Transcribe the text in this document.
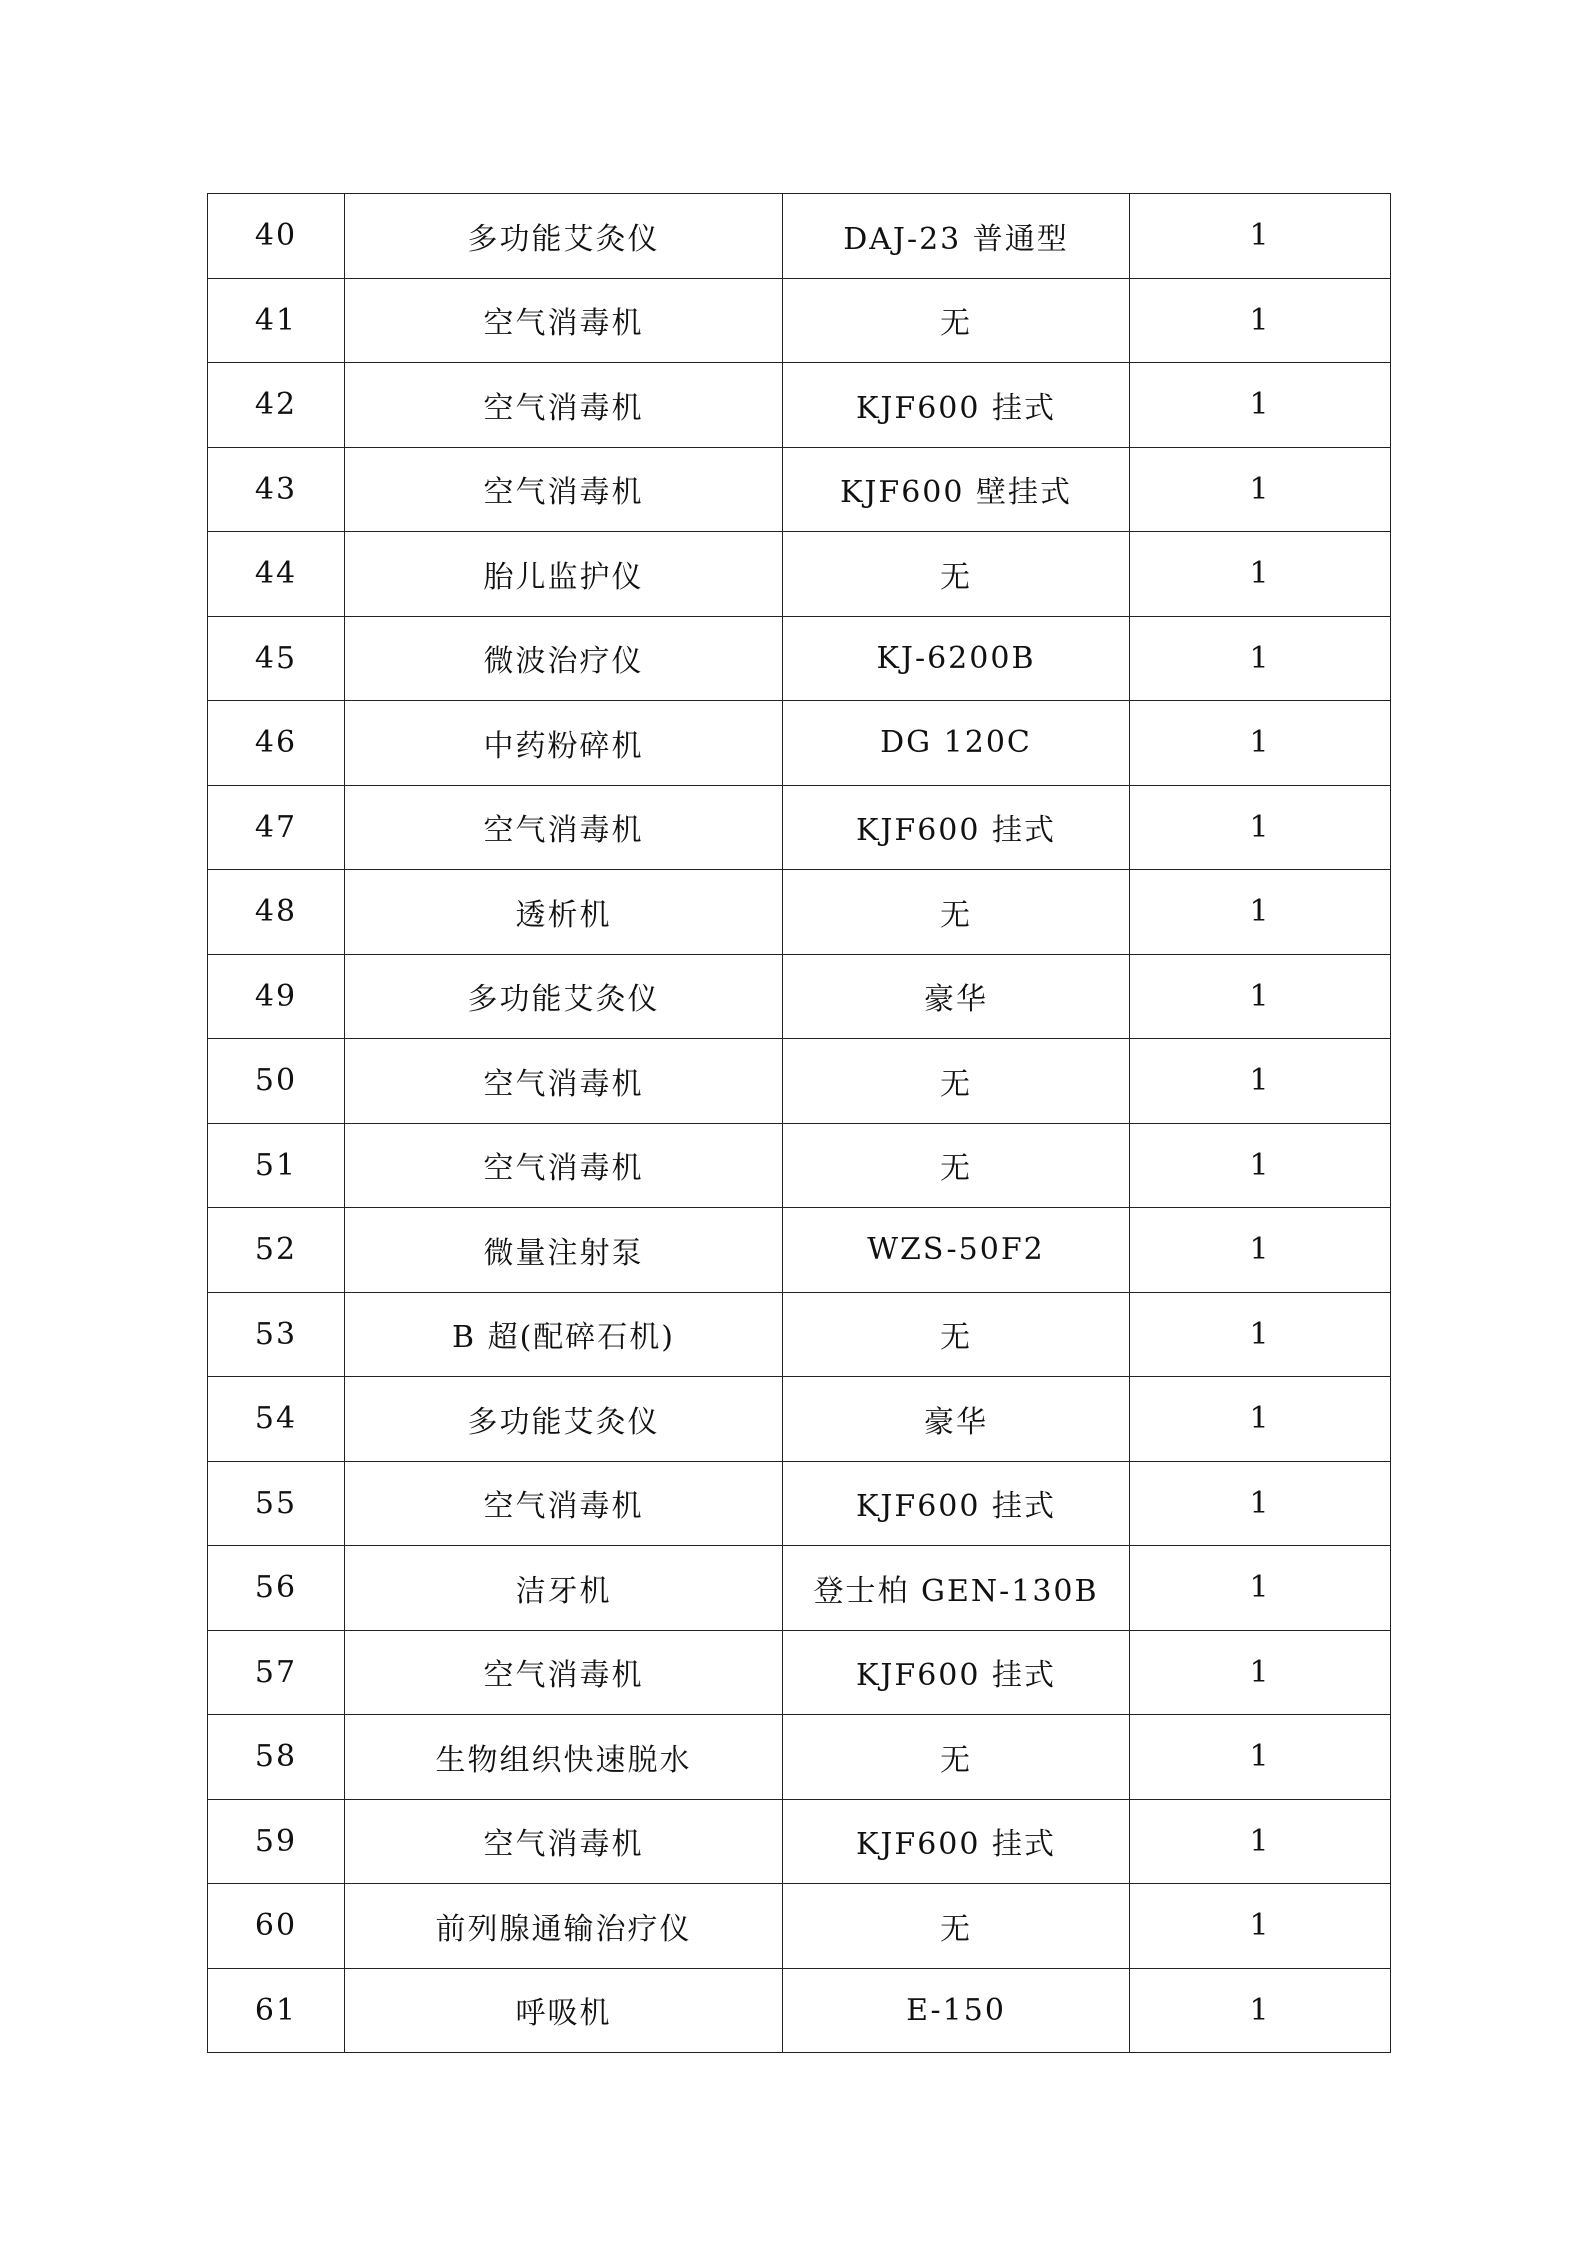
40	多功能艾灸仪	DAJ-23 普通型	1
41	空气消毒机	无	1
42	空气消毒机	KJF600 挂式	1
43	空气消毒机	KJF600 壁挂式	1
44	胎儿监护仪	无	1
45	微波治疗仪	KJ-6200B	1
46	中药粉碎机	DG 120C	1
47	空气消毒机	KJF600 挂式	1
48	透析机	无	1
49	多功能艾灸仪	豪华	1
50	空气消毒机	无	1
51	空气消毒机	无	1
52	微量注射泵	WZS-50F2	1
53	B 超(配碎石机)	无	1
54	多功能艾灸仪	豪华	1
55	空气消毒机	KJF600 挂式	1
56	洁牙机	登士柏 GEN-130B	1
57	空气消毒机	KJF600 挂式	1
58	生物组织快速脱水	无	1
59	空气消毒机	KJF600 挂式	1
60	前列腺通输治疗仪	无	1
61	呼吸机	E-150	1
